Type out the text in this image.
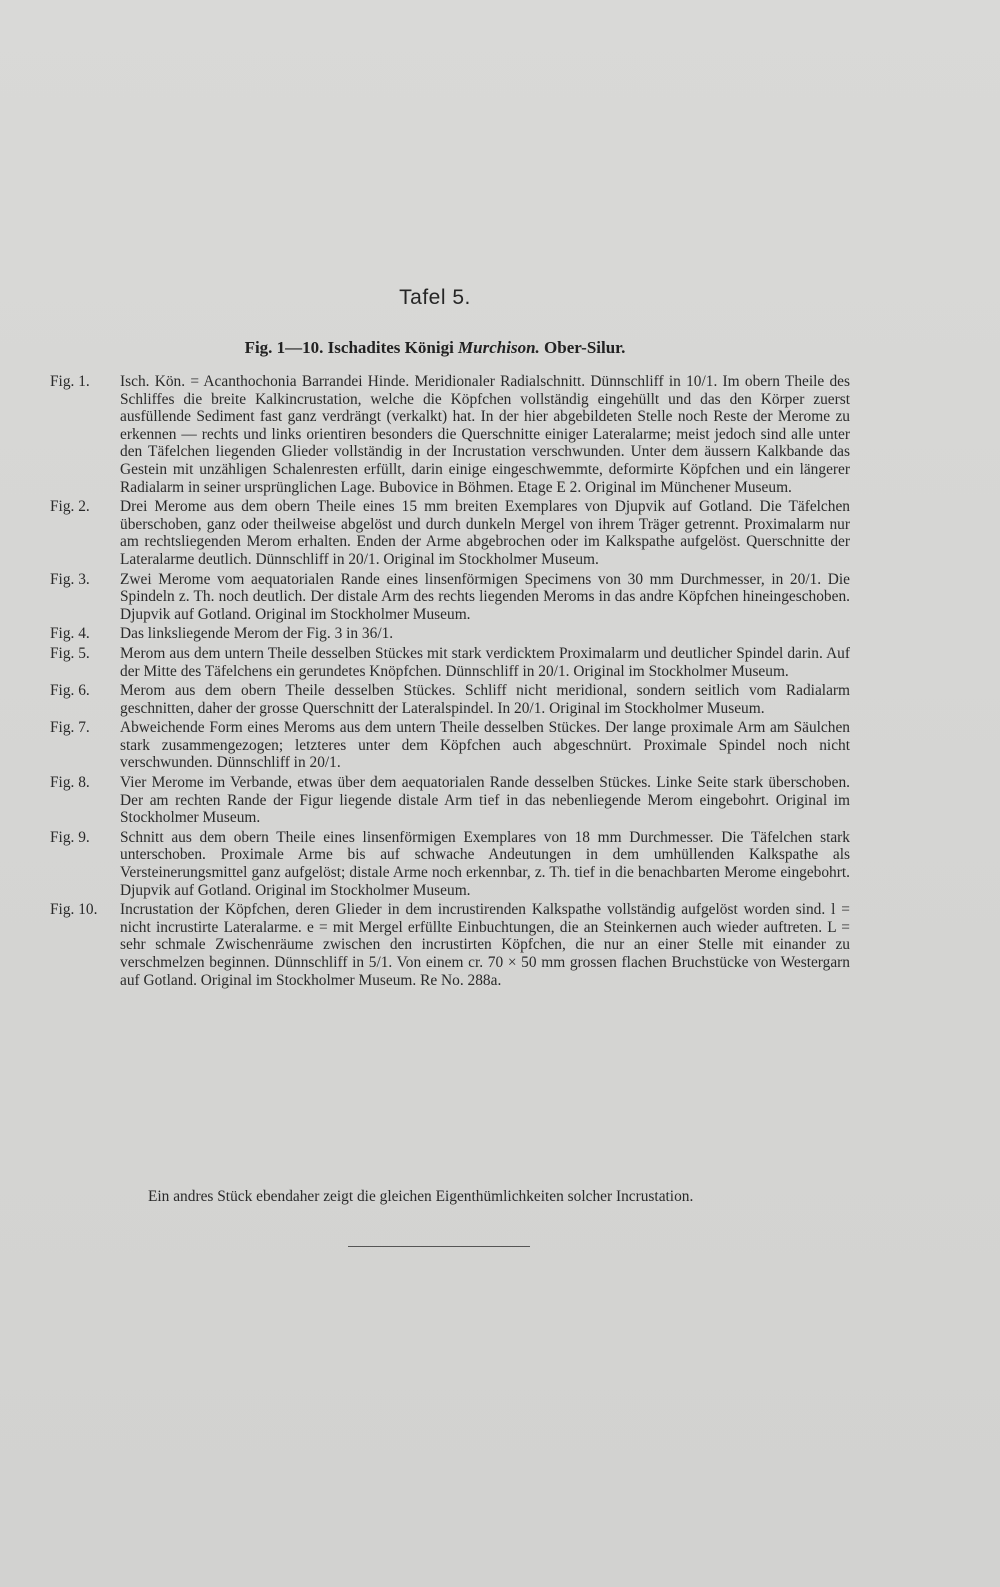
Tafel 5.
Fig. 1—10. Ischadites Königi Murchison. Ober-Silur.
Fig. 1.	Isch. Kön. = Acanthochonia Barrandei Hinde. Meridionaler Radialschnitt. Dünnschliff in 10/1. Im obern Theile des Schliffes die breite Kalkincrustation, welche die Köpfchen vollständig eingehüllt und das den Körper zuerst ausfüllende Sediment fast ganz verdrängt (verkalkt) hat. In der hier abgebildeten Stelle noch Reste der Merome zu erkennen — rechts und links orientiren besonders die Querschnitte einiger Lateralarme; meist jedoch sind alle unter den Täfelchen liegenden Glieder vollständig in der Incrustation verschwunden. Unter dem äussern Kalkbande das Gestein mit unzähligen Schalenresten erfüllt, darin einige eingeschwemmte, deformirte Köpfchen und ein längerer Radialarm in seiner ursprünglichen Lage. Bubovice in Böhmen. Etage E 2. Original im Münchener Museum.
Fig. 2.	Drei Merome aus dem obern Theile eines 15 mm breiten Exemplares von Djupvik auf Gotland. Die Täfelchen überschoben, ganz oder theilweise abgelöst und durch dunkeln Mergel von ihrem Träger getrennt. Proximalarm nur am rechtsliegenden Merom erhalten. Enden der Arme abgebrochen oder im Kalkspathe aufgelöst. Querschnitte der Lateralarme deutlich. Dünnschliff in 20/1. Original im Stockholmer Museum.
Fig. 3.	Zwei Merome vom aequatorialen Rande eines linsenförmigen Specimens von 30 mm Durchmesser, in 20/1. Die Spindeln z. Th. noch deutlich. Der distale Arm des rechts liegenden Meroms in das andre Köpfchen hineingeschoben. Djupvik auf Gotland. Original im Stockholmer Museum.
Fig. 4.	Das linksliegende Merom der Fig. 3 in 36/1.
Fig. 5.	Merom aus dem untern Theile desselben Stückes mit stark verdicktem Proximalarm und deutlicher Spindel darin. Auf der Mitte des Täfelchens ein gerundetes Knöpfchen. Dünnschliff in 20/1. Original im Stockholmer Museum.
Fig. 6.	Merom aus dem obern Theile desselben Stückes. Schliff nicht meridional, sondern seitlich vom Radialarm geschnitten, daher der grosse Querschnitt der Lateralspindel. In 20/1. Original im Stockholmer Museum.
Fig. 7.	Abweichende Form eines Meroms aus dem untern Theile desselben Stückes. Der lange proximale Arm am Säulchen stark zusammengezogen; letzteres unter dem Köpfchen auch abgeschnürt. Proximale Spindel noch nicht verschwunden. Dünnschliff in 20/1.
Fig. 8.	Vier Merome im Verbande, etwas über dem aequatorialen Rande desselben Stückes. Linke Seite stark überschoben. Der am rechten Rande der Figur liegende distale Arm tief in das nebenliegende Merom eingebohrt. Original im Stockholmer Museum.
Fig. 9.	Schnitt aus dem obern Theile eines linsenförmigen Exemplares von 18 mm Durchmesser. Die Täfelchen stark unterschoben. Proximale Arme bis auf schwache Andeutungen in dem umhüllenden Kalkspathe als Versteinerungsmittel ganz aufgelöst; distale Arme noch erkennbar, z. Th. tief in die benachbarten Merome eingebohrt. Djupvik auf Gotland. Original im Stockholmer Museum.
Fig. 10.	Incrustation der Köpfchen, deren Glieder in dem incrustirenden Kalkspathe vollständig aufgelöst worden sind. l = nicht incrustirte Lateralarme. e = mit Mergel erfüllte Einbuchtungen, die an Steinkernen auch wieder auftreten. L = sehr schmale Zwischenräume zwischen den incrustirten Köpfchen, die nur an einer Stelle mit einander zu verschmelzen beginnen. Dünnschliff in 5/1. Von einem cr. 70 × 50 mm grossen flachen Bruchstücke von Westergarn auf Gotland. Original im Stockholmer Museum. Re No. 288a.
Ein andres Stück ebendaher zeigt die gleichen Eigenthümlichkeiten solcher Incrustation.
